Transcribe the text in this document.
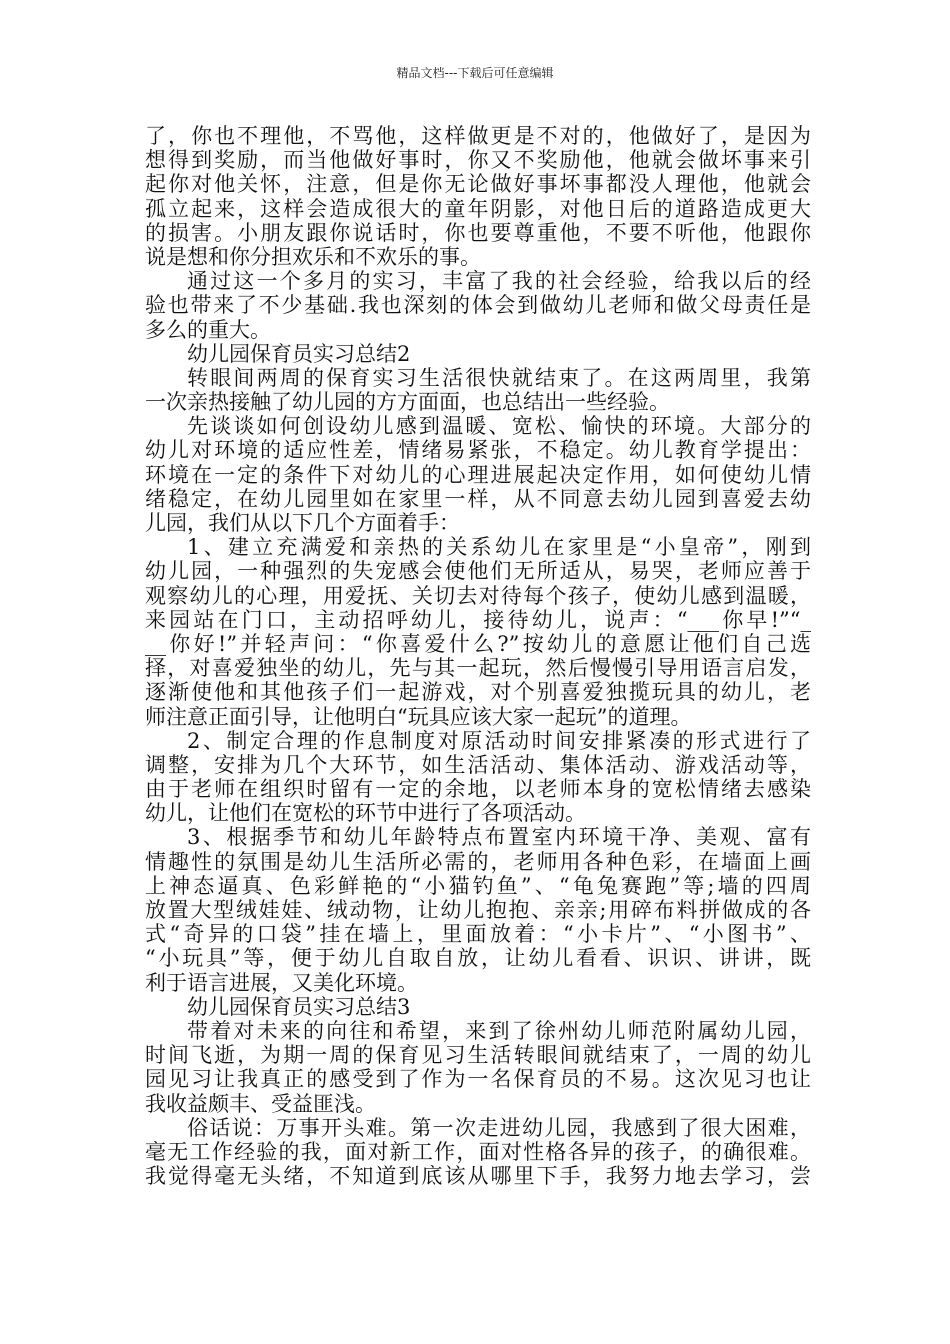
精品文档---下载后可任意编辑
了，你也不理他，不骂他，这样做更是不对的，他做好了，是因为
想得到奖励，而当他做好事时，你又不奖励他，他就会做坏事来引
起你对他关怀，注意，但是你无论做好事坏事都没人理他，他就会
孤立起来，这样会造成很大的童年阴影，对他日后的道路造成更大
的损害。小朋友跟你说话时，你也要尊重他，不要不听他，他跟你
说是想和你分担欢乐和不欢乐的事。
通过这一个多月的实习，丰富了我的社会经验，给我以后的经
验也带来了不少基础.我也深刻的体会到做幼儿老师和做父母责任是
多么的重大。
幼儿园保育员实习总结2
转眼间两周的保育实习生活很快就结束了。在这两周里，我第
一次亲热接触了幼儿园的方方面面，也总结出一些经验。
先谈谈如何创设幼儿感到温暖、宽松、愉快的环境。大部分的
幼儿对环境的适应性差，情绪易紧张，不稳定。幼儿教育学提出：
环境在一定的条件下对幼儿的心理进展起决定作用，如何使幼儿情
绪稳定，在幼儿园里如在家里一样，从不同意去幼儿园到喜爱去幼
儿园，我们从以下几个方面着手：
1、建立充满爱和亲热的关系幼儿在家里是“小皇帝”，刚到
幼儿园，一种强烈的失宠感会使他们无所适从，易哭，老师应善于
观察幼儿的心理，用爱抚、关切去对待每个孩子，使幼儿感到温暖，
来园站在门口，主动招呼幼儿，接待幼儿，说声：“___你早!”“_
__你好!”并轻声问：“你喜爱什么?”按幼儿的意愿让他们自己选
择，对喜爱独坐的幼儿，先与其一起玩，然后慢慢引导用语言启发，
逐渐使他和其他孩子们一起游戏，对个别喜爱独揽玩具的幼儿，老
师注意正面引导，让他明白“玩具应该大家一起玩”的道理。
2、制定合理的作息制度对原活动时间安排紧凑的形式进行了
调整，安排为几个大环节，如生活活动、集体活动、游戏活动等，
由于老师在组织时留有一定的余地，以老师本身的宽松情绪去感染
幼儿，让他们在宽松的环节中进行了各项活动。
3、根据季节和幼儿年龄特点布置室内环境干净、美观、富有
情趣性的氛围是幼儿生活所必需的，老师用各种色彩，在墙面上画
上神态逼真、色彩鲜艳的“小猫钓鱼”、“龟兔赛跑”等;墙的四周
放置大型绒娃娃、绒动物，让幼儿抱抱、亲亲;用碎布料拼做成的各
式“奇异的口袋”挂在墙上，里面放着：“小卡片”、“小图书”、
“小玩具”等，便于幼儿自取自放，让幼儿看看、识识、讲讲，既
利于语言进展，又美化环境。
幼儿园保育员实习总结3
带着对未来的向往和希望，来到了徐州幼儿师范附属幼儿园，
时间飞逝，为期一周的保育见习生活转眼间就结束了，一周的幼儿
园见习让我真正的感受到了作为一名保育员的不易。这次见习也让
我收益颇丰、受益匪浅。
俗话说：万事开头难。第一次走进幼儿园，我感到了很大困难，
毫无工作经验的我，面对新工作，面对性格各异的孩子，的确很难。
我觉得毫无头绪，不知道到底该从哪里下手，我努力地去学习，尝
